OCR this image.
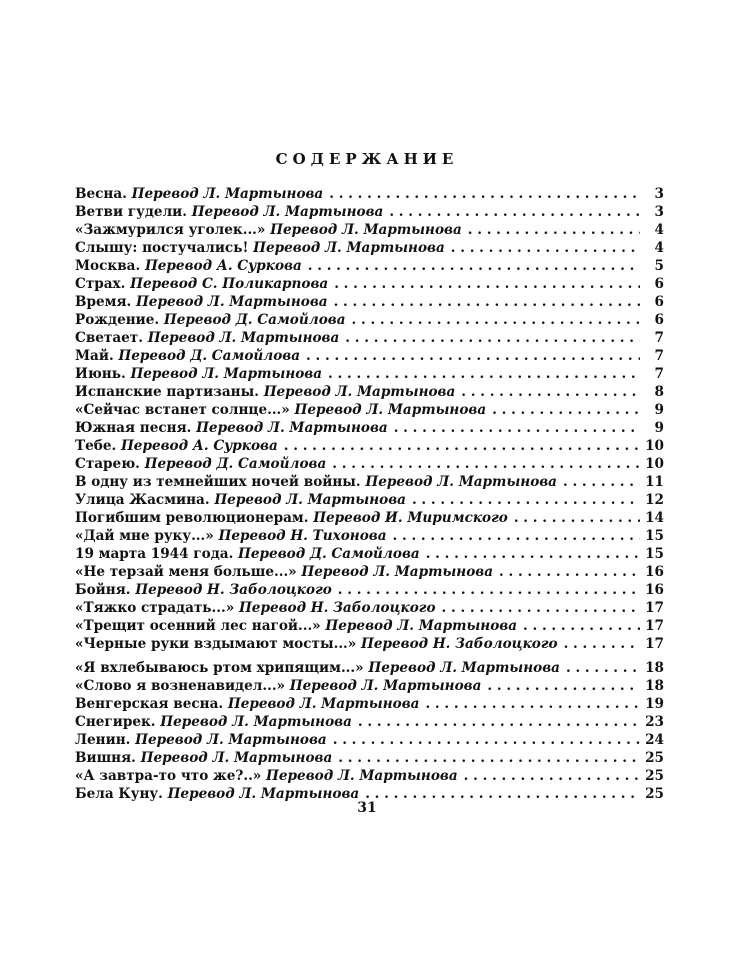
СОДЕРЖАНИЕ
Весна. Перевод Л. Мартынова . . .	3
Ветви гудели. Перевод Л. Мартынова . . .	3
«Зажмурился уголек...» Перевод Л. Мартынова . . .	4
Слышу: постучались! Перевод Л. Мартынова . . .	4
Москва. Перевод А. Суркова . . .	5
Страх. Перевод С. Поликарпова . . .	6
Время. Перевод Л. Мартынова . . .	6
Рождение. Перевод Д. Самойлова . . .	6
Светает. Перевод Л. Мартынова . . .	7
Май. Перевод Д. Самойлова . . .	7
Июнь. Перевод Л. Мартынова . . .	7
Испанские партизаны. Перевод Л. Мартынова . . .	8
«Сейчас встанет солнце...» Перевод Л. Мартынова . . .	9
Южная песня. Перевод Л. Мартынова . . .	9
Тебе. Перевод А. Суркова . . .	10
Старею. Перевод Д. Самойлова . . .	10
В одну из темнейших ночей войны. Перевод Л. Мартынова . . .	11
Улица Жасмина. Перевод Л. Мартынова . . .	12
Погибшим революционерам. Перевод И. Миримского . . .	14
«Дай мне руку...» Перевод Н. Тихонова . . .	15
19 марта 1944 года. Перевод Д. Самойлова . . .	15
«Не терзай меня больше...» Перевод Л. Мартынова . . .	16
Бойня. Перевод Н. Заболоцкого . . .	16
«Тяжко страдать...» Перевод Н. Заболоцкого . . .	17
«Трещит осенний лес нагой...» Перевод Л. Мартынова . . .	17
«Черные руки вздымают мосты...» Перевод Н. Заболоцкого . . .	17
«Я вхлебываюсь ртом хрипящим...» Перевод Л. Мартынова . . .	18
«Слово я возненавидел...» Перевод Л. Мартынова . . .	18
Венгерская весна. Перевод Л. Мартынова . . .	19
Снегирек. Перевод Л. Мартынова . . .	23
Ленин. Перевод Л. Мартынова . . .	24
Вишня. Перевод Л. Мартынова . . .	25
«А завтра-то что же?..» Перевод Л. Мартынова . . .	25
Бела Куну. Перевод Л. Мартынова . . .	25
31
